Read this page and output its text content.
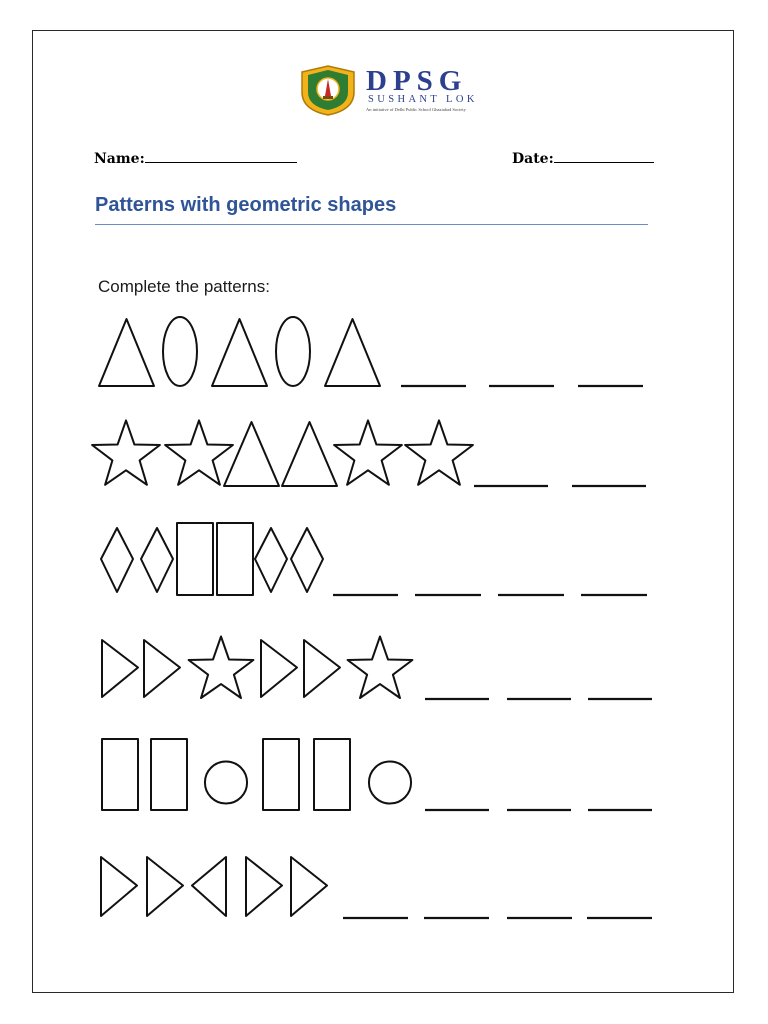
DPSG
SUSHANT LOK
An initiative of Delhi Public School Ghaziabad Society
Name:	Date:
Patterns with geometric shapes
Complete the patterns:
